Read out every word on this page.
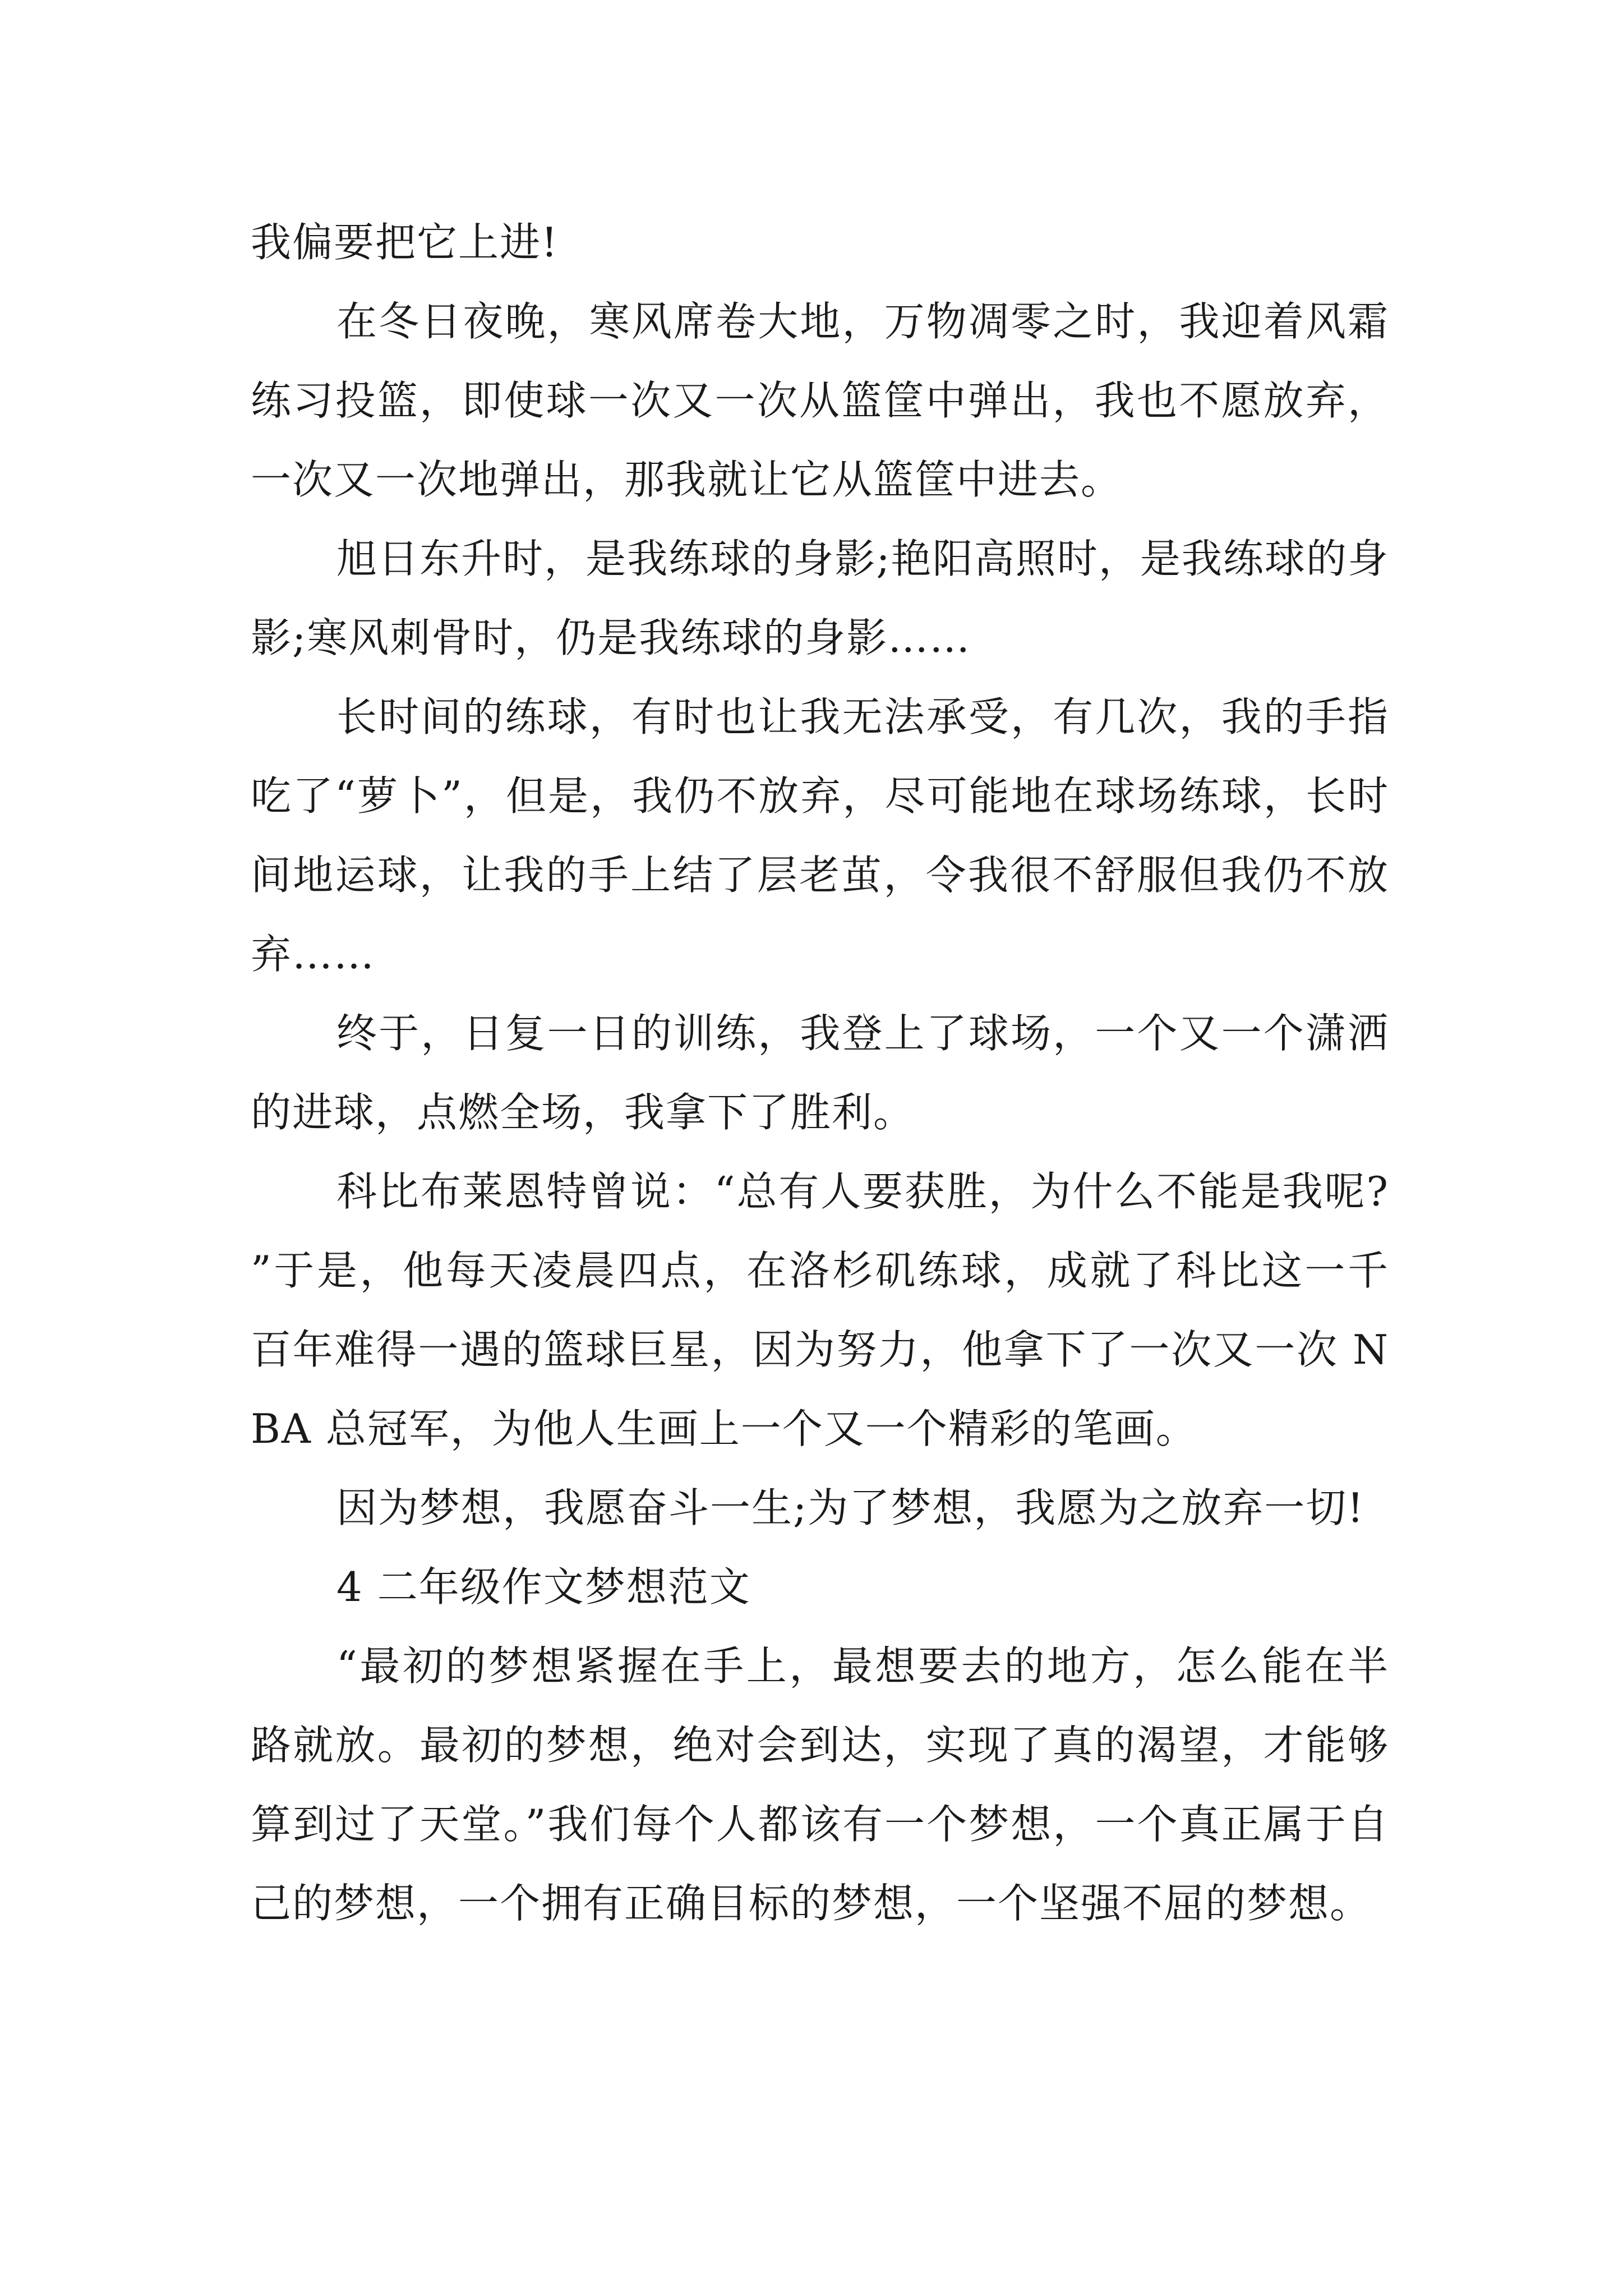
我偏要把它上进!

在冬日夜晚，寒风席卷大地，万物凋零之时，我迎着风霜练习投篮，即使球一次又一次从篮筐中弹出，我也不愿放弃，一次又一次地弹出，那我就让它从篮筐中进去。

旭日东升时，是我练球的身影;艳阳高照时，是我练球的身影;寒风刺骨时，仍是我练球的身影……

长时间的练球，有时也让我无法承受，有几次，我的手指吃了“萝卜”，但是，我仍不放弃，尽可能地在球场练球，长时间地运球，让我的手上结了层老茧，令我很不舒服但我仍不放弃……

终于，日复一日的训练，我登上了球场，一个又一个潇洒的进球，点燃全场，我拿下了胜利。

科比布莱恩特曾说：“总有人要获胜，为什么不能是我呢?”于是，他每天凌晨四点，在洛杉矶练球，成就了科比这一千百年难得一遇的篮球巨星，因为努力，他拿下了一次又一次 NBA 总冠军，为他人生画上一个又一个精彩的笔画。

因为梦想，我愿奋斗一生;为了梦想，我愿为之放弃一切!

4 二年级作文梦想范文

“最初的梦想紧握在手上，最想要去的地方，怎么能在半路就放。最初的梦想，绝对会到达，实现了真的渴望，才能够算到过了天堂。”我们每个人都该有一个梦想，一个真正属于自己的梦想，一个拥有正确目标的梦想，一个坚强不屈的梦想。
